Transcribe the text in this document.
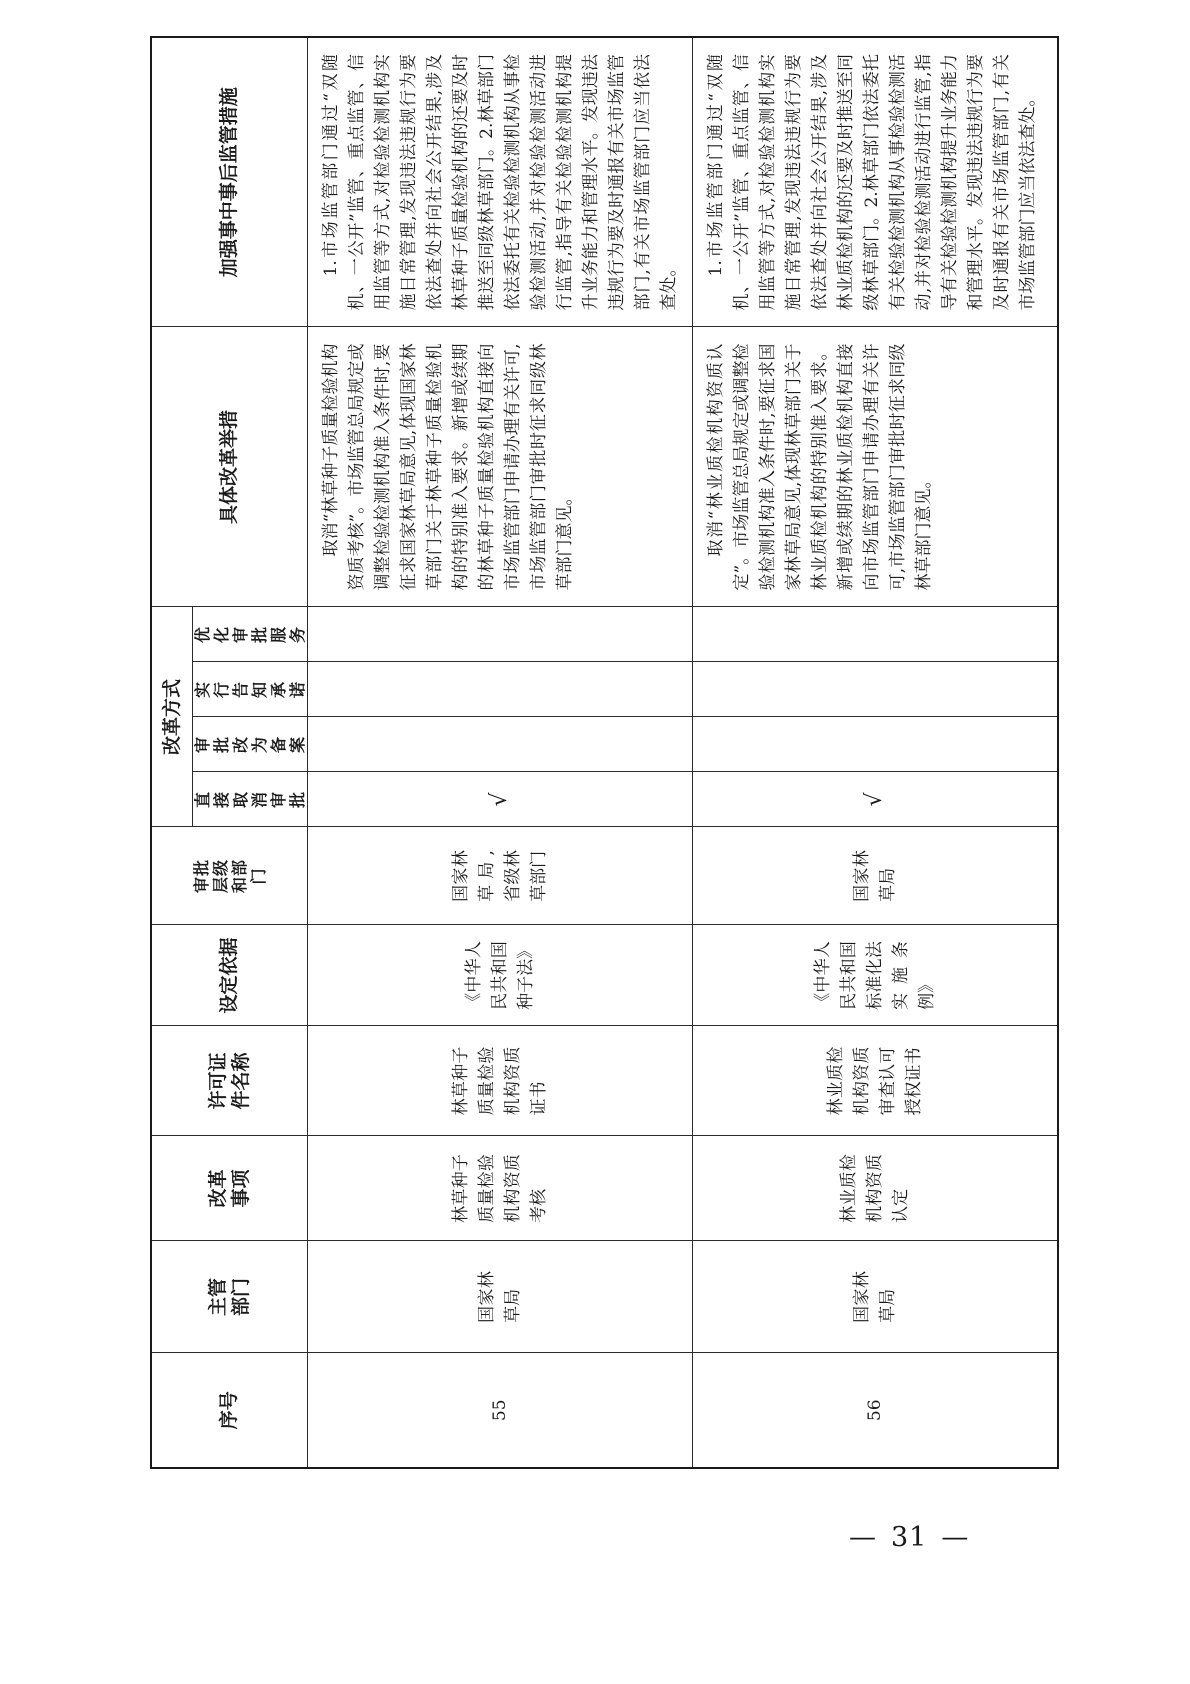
序号	主管部门	改革事项	许可证件名称	设定依据	审批层级和部门	改革方式				具体改革举措	加强事中事后监管措施
						直接取消审批	审批改为备案	实行告知承诺	优化审批服务		
55	国家林草局	林草种子质量检验机构资质考核	林草种子质量检验机构资质证书	《中华人民共和国种子法》	国家林草局,省级林草部门	√				取消“林草种子质量检验机构资质考核”。市场监管总局规定或调整检验检测机构准入条件时,要征求国家林草局意见,体现国家林草部门关于林草种子质量检验机构的特别准入要求。新增或续期的林草种子质量检验机构直接向市场监管部门申请办理有关许可,市场监管部门审批时征求同级林草部门意见。	1.市场监管部门通过“双随机、一公开”监管、重点监管、信用监管等方式,对检验检测机构实施日常管理,发现违法违规行为要依法查处并向社会公开结果,涉及林草种子质量检验机构的还要及时推送至同级林草部门。2.林草部门依法委托有关检验检测机构从事检验检测活动,并对检验检测活动进行监管,指导有关检验检测机构提升业务能力和管理水平。发现违法违规行为要及时通报有关市场监管部门,有关市场监管部门应当依法查处。

56	国家林草局	林业质检机构资质认定	林业质检机构资质审查认可授权证书	《中华人民共和国标准化法实施条例》	国家林草局	√				取消“林业质检机构资质认定”。市场监管总局规定或调整检验检测机构准入条件时,要征求国家林草局意见,体现林草部门关于林业质检机构的特别准入要求。新增或续期的林业质检机构直接向市场监管部门申请办理有关许可,市场监管部门审批时征求同级林草部门意见。	1.市场监管部门通过“双随机、一公开”监管、重点监管、信用监管等方式,对检验检测机构实施日常管理,发现违法违规行为要依法查处并向社会公开结果,涉及林业质检机构的还要及时推送至同级林草部门。2.林草部门依法委托有关检验检测机构从事检验检测活动,并对检验检测活动进行监管,指导有关检验检测机构提升业务能力和管理水平。发现违法违规行为要及时通报有关市场监管部门,有关市场监管部门应当依法查处。
— 31 —
